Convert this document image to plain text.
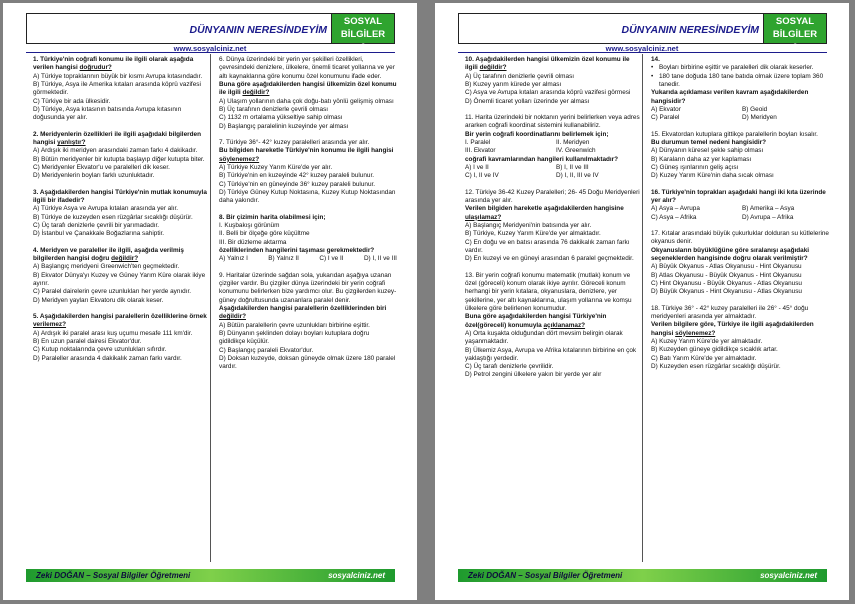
DÜNYANIN NERESİNDEYİM
SOSYAL BİLGİLER
6
www.sosyalciniz.net
1. Türkiye'nin coğrafi konumu ile ilgili olarak aşağıda verilen hangisi doğrudur?
A) Türkiye topraklarının büyük bir kısmı Avrupa kıtasındadır.
B) Türkiye, Asya ile Amerika kıtaları arasında köprü vazifesi görmektedir.
C) Türkiye bir ada ülkesidir.
D) Türkiye, Asya kıtasının batısında Avrupa kıtasının doğusunda yer alır.
2. Meridyenlerin özellikleri ile ilgili aşağıdaki bilgilerden hangisi yanlıştır?
A) Ardışık iki meridyen arasındaki zaman farkı 4 dakikadır.
B) Bütün meridyenler bir kutupta başlayıp diğer kutupta biter.
C) Meridyenler Ekvator'u ve paralelleri dik keser.
D) Meridyenlerin boyları farklı uzunluktadır.
3. Aşağıdakilerden hangisi Türkiye'nin mutlak konumuyla ilgili bir ifadedir?
A) Türkiye Asya ve Avrupa kıtaları arasında yer alır.
B) Türkiye de kuzeyden esen rüzgârlar sıcaklığı düşürür.
C) Üç tarafı denizlerle çevrili bir yarımadadır.
D) İstanbul ve Çanakkale Boğazlarına sahiptir.
4. Meridyen ve paraleller ile ilgili, aşağıda verilmiş bilgilerden hangisi doğru değildir?
A) Başlangıç meridyeni Greenwich'ten geçmektedir.
B) Ekvator Dünya'yı Kuzey ve Güney Yarım Küre olarak ikiye ayırır.
C) Paralel dairelerin çevre uzunlukları her yerde aynıdır.
D) Meridyen yayları Ekvatoru dik olarak keser.
5. Aşağıdakilerden hangisi paralellerin özelliklerine örnek verilemez?
A) Ardışık iki paralel arası kuş uçumu mesafe 111 km'dir.
B) En uzun paralel dairesi Ekvator'dur.
C) Kutup noktalarında çevre uzunlukları sıfırdır.
D) Paraleller arasında 4 dakikalık zaman farkı vardır.
6. Dünya üzerindeki bir yerin yer şekilleri özellikleri, çevresindeki denizlere, ülkelere, önemli ticaret yollarına ve yer altı kaynaklarına göre konumu özel konumunu ifade eder.
Buna göre aşağıdakilerden hangisi ülkemizin özel konumu ile ilgili değildir?
A) Ulaşım yollarının daha çok doğu-batı yönlü gelişmiş olması
B) Üç tarafının denizlerle çevrili olması
C) 1132 m ortalama yükseltiye sahip olması
D) Başlangıç paralelinin kuzeyinde yer alması
7. Türkiye 36°- 42° kuzey paralelleri arasında yer alır.
Bu bilgiden hareketle Türkiye'nin konumu ile ilgili hangisi söylenemez?
A) Türkiye Kuzey Yarım Küre'de yer alır.
B) Türkiye'nin en kuzeyinde 42° kuzey paraleli bulunur.
C) Türkiye'nin en güneyinde 36° kuzey paraleli bulunur.
D) Türkiye Güney Kutup Noktasına, Kuzey Kutup Noktasından daha yakındır.
8. Bir çizimin harita olabilmesi için;
I. Kuşbakışı görünüm
II. Belli bir ölçeğe göre küçültme
III. Bir düzleme aktarma
özelliklerinden hangilerini taşıması gerekmektedir?
A) Yalnız I	B) Yalnız II	C) I ve II	D) I, II ve III
9. Haritalar üzerinde sağdan sola, yukarıdan aşağıya uzanan çizgiler vardır. Bu çizgiler dünya üzerindeki bir yerin coğrafi konumunu belirlerken bize yardımcı olur. Bu çizgilerden kuzey- güney doğrultusunda uzananlara paralel denir.
Aşağıdakilerden hangisi paralellerin özelliklerinden biri değildir?
A) Bütün paralellerin çevre uzunlukları birbirine eşittir.
B) Dünyanın şeklinden dolayı boyları kutuplara doğru gidildikçe küçülür.
C) Başlangıç paraleli Ekvator'dur.
D) Doksan kuzeyde, doksan güneyde olmak üzere 180 paralel vardır.
Zeki DOĞAN – Sosyal Bilgiler Öğretmeni	sosyalciniz.net
DÜNYANIN NERESİNDEYİM
SOSYAL BİLGİLER
6
www.sosyalciniz.net
10. Aşağıdakilerden hangisi ülkemizin özel konumu ile ilgili değildir?
A) Üç tarafının denizlerle çevrili olması
B) Kuzey yarım kürede yer alması
C) Asya ve Avrupa kıtaları arasında köprü vazifesi görmesi
D) Önemli ticaret yolları üzerinde yer alması
11. Harita üzerindeki bir noktanın yerini belirlerken veya adres ararken coğrafi koordinat sistemini kullanabiliriz.
Bir yerin coğrafi koordinatlarını belirlemek için;
I. Paralel	II. Meridyen
III. Ekvator	IV. Greenwich
coğrafi kavramlarından hangileri kullanılmaktadır?
A) I ve II	B) I, II ve III
C) I, II ve IV	D) I, II, III ve IV
12. Türkiye 36-42 Kuzey Paralelleri; 26- 45 Doğu Meridyenleri arasında yer alır.
Verilen bilgiden hareketle aşağıdakilerden hangisine ulaşılamaz?
A) Başlangıç Meridyeni'nin batısında yer alır.
B) Türkiye, Kuzey Yarım Küre'de yer almaktadır.
C) En doğu ve en batısı arasında 76 dakikalık zaman farkı vardır.
D) En kuzeyi ve en güneyi arasından 6 paralel geçmektedir.
13. Bir yerin coğrafi konumu matematik (mutlak) konum ve özel (göreceli) konum olarak ikiye ayrılır. Göreceli konum herhangi bir yerin kıtalara, okyanuslara, denizlere, yer şekillerine, yer altı kaynaklarına, ulaşım yollarına ve komşu ülkelere göre belirlenen konumudur.
Buna göre aşağıdakilerden hangisi Türkiye'nin özel(göreceli) konumuyla açıklanamaz?
A) Orta kuşakta olduğundan dört mevsim belirgin olarak yaşanmaktadır.
B) Ülkemiz Asya, Avrupa ve Afrika kıtalarının birbirine en çok yaklaştığı yerdedir.
C) Üç tarafı denizlerle çevrilidir.
D) Petrol zengini ülkelere yakın bir yerde yer alır
14.
• Boyları birbirine eşittir ve paralelleri dik olarak keserler.
• 180 tane doğuda 180 tane batıda olmak üzere toplam 360 tanedir.
Yukarıda açıklaması verilen kavram aşağıdakilerden hangisidir?
A) Ekvator	B) Geoid
C) Paralel	D) Meridyen
15. Ekvatordan kutuplara gittikçe paralellerin boyları kısalır.
Bu durumun temel nedeni hangisidir?
A) Dünyanın küresel şekle sahip olması
B) Karaların daha az yer kaplaması
C) Güneş ışınlarının geliş açısı
D) Kuzey Yarım Küre'nin daha sıcak olması
16. Türkiye'nin toprakları aşağıdaki hangi iki kıta üzerinde yer alır?
A) Asya – Avrupa	B) Amerika – Asya
C) Asya – Afrika	D) Avrupa – Afrika
17. Kıtalar arasındaki büyük çukurluklar dolduran su kütlelerine okyanus denir.
Okyanusların büyüklüğüne göre sıralanışı aşağıdaki seçeneklerden hangisinde doğru olarak verilmiştir?
A) Büyük Okyanus - Atlas Okyanusu - Hint Okyanusu
B) Atlas Okyanusu - Büyük Okyanus - Hint Okyanusu
C) Hint Okyanusu - Büyük Okyanus - Atlas Okyanusu
D) Büyük Okyanus - Hint Okyanusu - Atlas Okyanusu
18. Türkiye 36° - 42° kuzey paralelleri ile 26° - 45° doğu meridyenleri arasında yer almaktadır.
Verilen bilgilere göre, Türkiye ile ilgili aşağıdakilerden hangisi söylenemez?
A) Kuzey Yarım Küre'de yer almaktadır.
B) Kuzeyden güneye gidildikçe sıcaklık artar.
C) Batı Yarım Küre'de yer almaktadır.
D) Kuzeyden esen rüzgârlar sıcaklığı düşürür.
Zeki DOĞAN – Sosyal Bilgiler Öğretmeni	sosyalciniz.net
